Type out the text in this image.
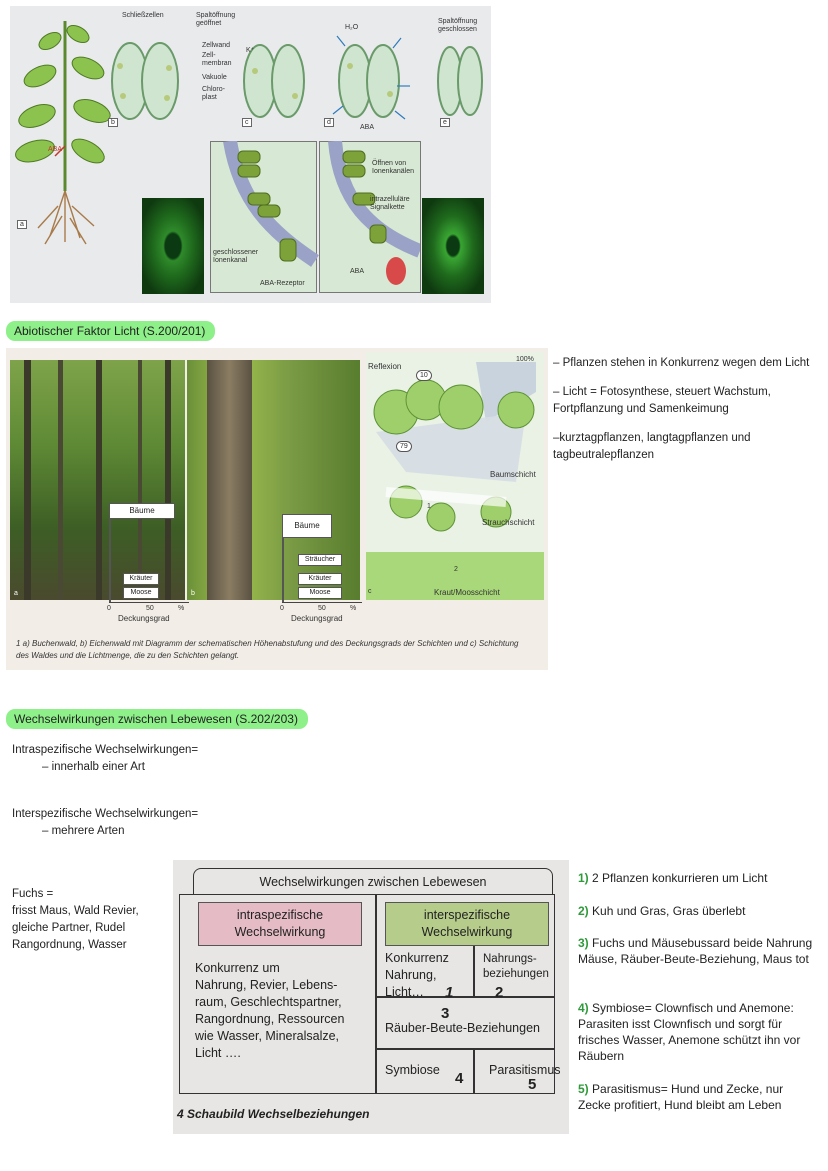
ABA
a
Schließzellen	Spaltöffnung geöffnet
Zellwand
Zell- membran
Vakuole
Chloro- plast
Spaltöffnung geschlossen
K⁺
H₂O
ABA
b	c	d	e
geschlossener Ionenkanal
ABA-Rezeptor
Öffnen von Ionenkanälen
intrazelluläre Signalkette
ABA
Abiotischer Faktor Licht (S.200/201)
Bäume
Kräuter
Moose
a
0	50	%
Deckungsgrad
Bäume
Sträucher
Kräuter
Moose
b
0	50	%
Deckungsgrad
Reflexion
100%
10
79
1
2
Baumschicht
Strauchschicht
Kraut/Moosschicht
c
1 a) Buchenwald, b) Eichenwald mit Diagramm der schematischen Höhenabstufung und des Deckungsgrads der Schichten und c) Schichtung des Waldes und die Lichtmenge, die zu den Schichten gelangt.

– Pflanzen stehen in Konkurrenz wegen dem Licht

– Licht = Fotosynthese, steuert Wachstum, Fortpflanzung und Samenkeimung

–kurztagpflanzen, langtagpflanzen und tagbeutralepflanzen

Wechselwirkungen zwischen Lebewesen (S.202/203)
Intraspezifische Wechselwirkungen=
– innerhalb einer Art
Interspezifische Wechselwirkungen=
– mehrere Arten
Fuchs =
frisst Maus, Wald Revier,
gleiche Partner, Rudel
Rangordnung, Wasser
Wechselwirkungen zwischen Lebewesen
intraspezifische Wechselwirkung
interspezifische Wechselwirkung
Konkurrenz um
Nahrung, Revier, Lebens-
raum, Geschlechtspartner,
Rangordnung, Ressourcen
wie Wasser, Mineralsalze,
Licht ….
Konkurrenz
Nahrung,
Licht…
Nahrungs-
beziehungen
Räuber-Beute-Beziehungen
Symbiose	Parasitismus
1	2
3
4	5
4 Schaubild Wechselbeziehungen
1) 2 Pflanzen konkurrieren um Licht
2) Kuh und Gras, Gras überlebt
3) Fuchs und Mäusebussard beide Nahrung Mäuse, Räuber-Beute-Beziehung, Maus tot
4) Symbiose= Clownfisch und Anemone: Parasiten isst Clownfisch und sorgt für frisches Wasser, Anemone schützt ihn vor Räubern
5) Parasitismus= Hund und Zecke, nur Zecke profitiert, Hund bleibt am Leben
